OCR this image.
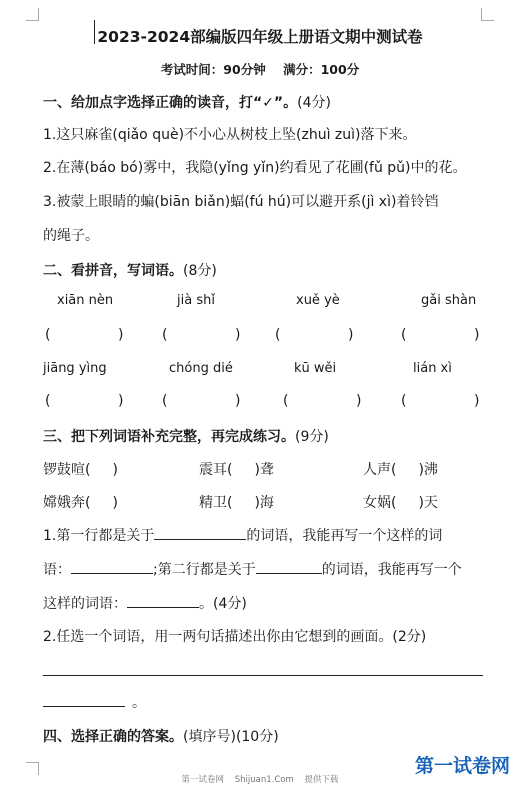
2023-2024部编版四年级上册语文期中测试卷
考试时间：90分钟    满分：100分
一、给加点字选择正确的读音，打“✓”。(4分)
1.这只麻雀(qiǎo què)不小心从树枝上坠(zhuì zuì)落下来。
2.在薄(báo bó)雾中，我隐(yǐng yǐn)约看见了花圃(fǔ pǔ)中的花。
3.被蒙上眼睛的蝙(biān biǎn)蝠(fú hú)可以避开系(jì xì)着铃铛
的绳子。
二、看拼音，写词语。(8分)
xiān nèn	jià shǐ	xuě yè	gǎi shàn
(	)	(	) (	)	(	)
jiāng yìng	chóng dié	kū wěi	lián xì
(	)	(	)	(	)	(	)
三、把下列词语补充完整，再完成练习。(9分)
锣鼓喧( )	震耳( )聋	人声( )沸
嫦娥奔( )	精卫( )海	女娲( )天
1.第一行都是关于	的词语，我能再写一个这样的词
语：	;第二行都是关于	的词语，我能再写一个
这样的词语：	。(4分)
2.任选一个词语，用一两句话描述出你由它想到的画面。(2分)
。
四、选择正确的答案。(填序号)(10分)
第一试卷网    Shijuan1.Com    提供下载
第一试卷网
